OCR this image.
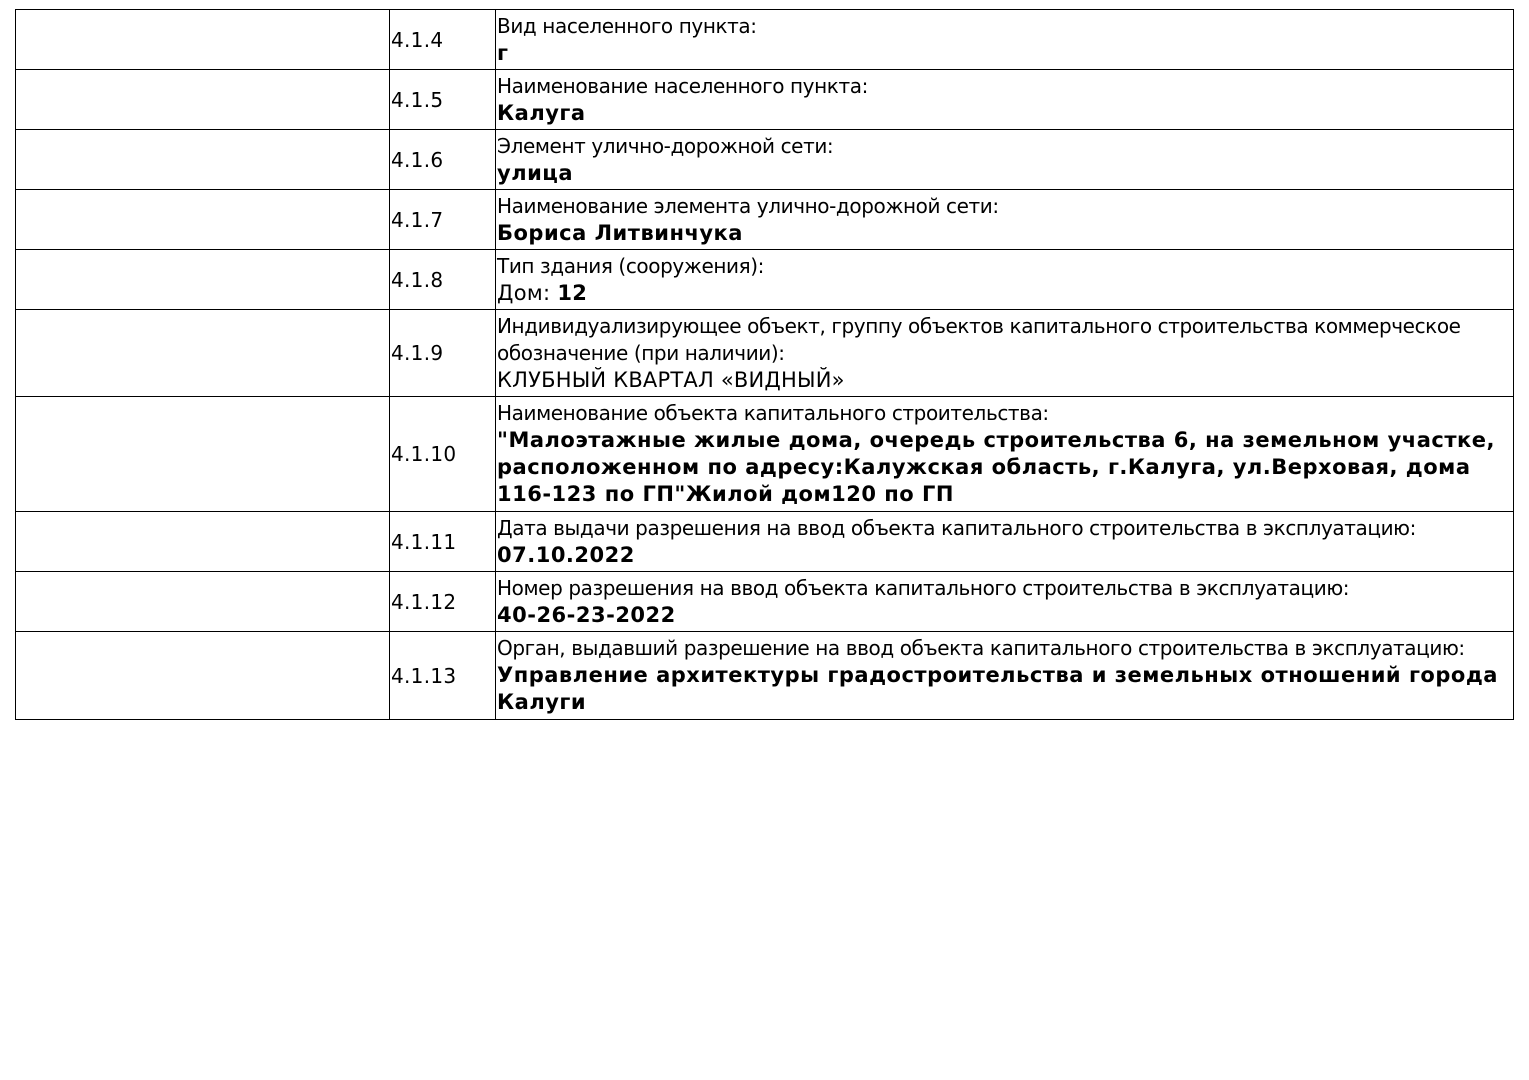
	4.1.4	Вид населенного пункта:
г

	4.1.5	Наименование населенного пункта:
Калуга

	4.1.6	Элемент улично-дорожной сети:
улица

	4.1.7	Наименование элемента улично-дорожной сети:
Бориса Литвинчука

	4.1.8	Тип здания (сооружения):
Дом: 12

	4.1.9	Индивидуализирующее объект, группу объектов капитального строительства коммерческое обозначение (при наличии):
КЛУБНЫЙ КВАРТАЛ «ВИДНЫЙ»

	4.1.10	Наименование объекта капитального строительства:
"Малоэтажные жилые дома, очередь строительства 6, на земельном участке, расположенном по адресу:Калужская область, г.Калуга, ул.Верховая, дома 116-123 по ГП"Жилой дом120 по ГП

	4.1.11	Дата выдачи разрешения на ввод объекта капитального строительства в эксплуатацию:
07.10.2022

	4.1.12	Номер разрешения на ввод объекта капитального строительства в эксплуатацию:
40-26-23-2022

	4.1.13	Орган, выдавший разрешение на ввод объекта капитального строительства в эксплуатацию:
Управление архитектуры градостроительства и земельных отношений города Калуги
